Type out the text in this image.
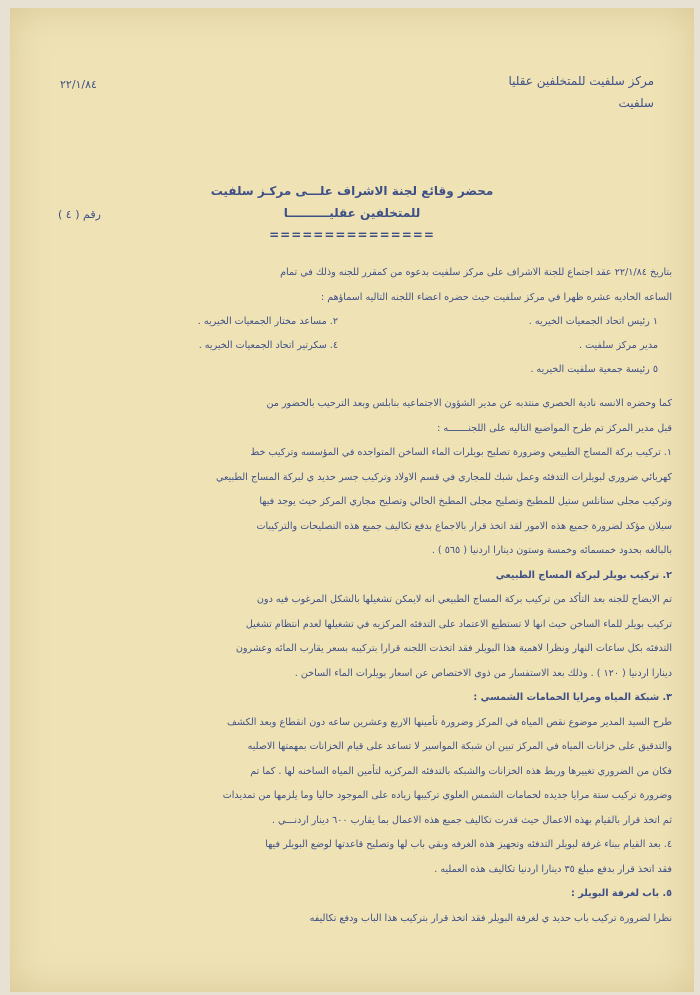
مركز سلفيت للمتخلفين عقليا
سلفيت
٢٢/١/٨٤
محضر وقائع لجنة الاشراف علـــى مركـز سلفيت
للمتخلفين عقليــــــــــا
===============
رقم ( ٤ )

بتاريخ ٢٢/١/٨٤ عقد اجتماع للجنة الاشراف على مركز سلفيت بدعوه من كمقرر للجنه وذلك في تمام

الساعه الحاديه عشره ظهرا في مركز سلفيت حيث حضره اعضاء اللجنه التاليه اسماؤهم :

١ رئيس اتحاد الجمعيات الخيريه .
٢. مساعد مختار الجمعيات الخيريه .
مدير مركز سلفيت .
٤. سكرتير اتحاد الجمعيات الخيريه .
٥ رئيسة جمعية سلفيت الخيريه .

كما وحضره الانسه نادية الحصري منتدبه عن مدير الشؤون الاجتماعيه بنابلس وبعد الترحيب بالحضور من

قبل مدير المركز تم طرح المواضيع التاليه على اللجنـــــــه :

١. تركيب بركة المساج الطبيعي وضرورة تصليح بويلرات الماء الساخن المتواجده في المؤسسه وتركيب خط

كهربائي ضروري لبويلرات التدفئه وعمل شبك للمجاري في قسم الاولاد وتركيب جسر حديد ي لبركة المساج الطبيعي

وتركيب مجلى ستانلس ستيل للمطبخ وتصليح مجلى المطبخ الحالي وتصليح مجاري المركز حيث يوجد فيها

سيلان مؤكد لضرورة جميع هذه الامور لقد اتخذ قرار بالاجماع بدفع تكاليف جميع هذه التصليحات والتركيبات

بالبالغه بحدود خمسمائه وخمسة وستون دينارا اردنيا ( ٥٦٥ ) .

٢. تركيب بويلر لبركة المساج الطبيعي

تم الايضاح للجنه بعد التأكد من تركيب بركة المساج الطبيعي انه لايمكن تشغيلها بالشكل المرغوب فيه دون

تركيب بويلر للماء الساخن حيث انها لا تستطيع الاعتماد على التدفئه المركزيه في تشغيلها لعدم انتظام تشغيل

التدفئه بكل ساعات النهار ونظرا لاهمية هذا البويلر فقد اتخذت اللجنه قرارا بتركيبه بسعر يقارب المائه وعشرون

دينارا اردنيا ( ١٢٠ ) . وذلك بعد الاستفسار من ذوي الاختصاص عن اسعار بويلرات الماء الساخن .

٣. شبكة المياه ومرايا الحمامات الشمسي :

طرح السيد المدير موضوع نقص المياه في المركز وضرورة تأمينها الاربع وعشرين ساعه دون انقطاع وبعد الكشف

والتدقيق على خزانات المياه في المركز تبين ان شبكة المواسير لا تساعد على قيام الخزانات بمهمتها الاصليه

فكان من الضروري تغييرها وربط هذه الخزانات والشبكه بالتدفئه المركزيه لتأمين المياه الساخنه لها . كما تم

وضرورة تركيب ستة مرايا جديده لحمامات الشمس العلوي تركيبها زياده على الموجود حاليا وما يلزمها من تمديدات

ثم اتخذ قرار بالقيام بهذه الاعمال حيث قدرت تكاليف جميع هذه الاعمال بما يقارب ٦٠٠ دينار اردنـــي .

٤. بعد القيام ببناء غرفة لبويلر التدفئه وتجهيز هذه الغرفه وبقي باب لها وتصليح قاعدتها لوضع البويلر فيها

فقد اتخذ قرار بدفع مبلغ ٣٥ دينارا اردنيا تكاليف هذه العمليه .

٥. باب لغرفة البويلر :

نظرا لضرورة تركيب باب حديد ي لغرفة البويلر فقد اتخذ قرار بتركيب هذا الباب ودفع تكاليفه
